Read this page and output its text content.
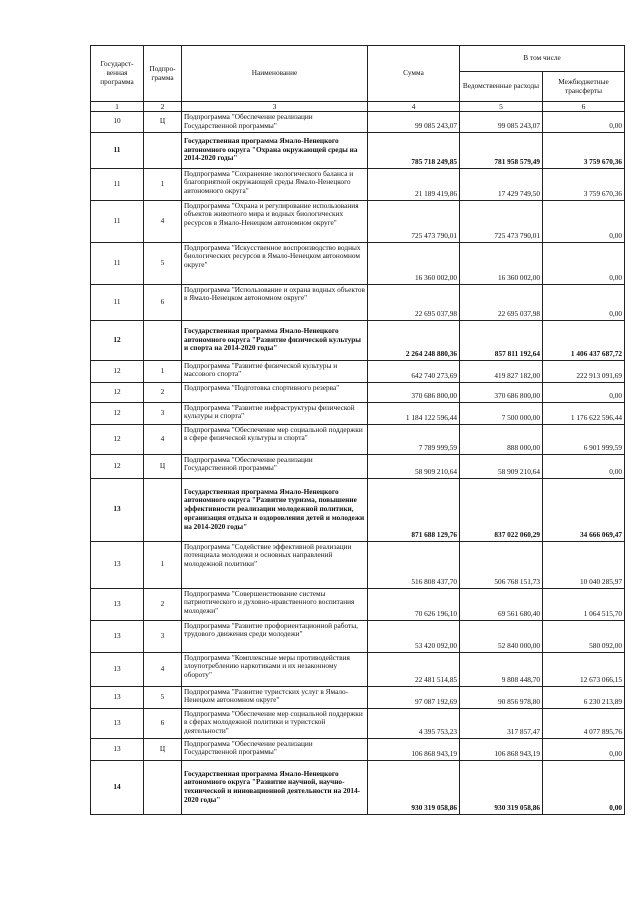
Государст-венная программа	Подпро-грамма	Наименование	Сумма	В том числе	
				Ведомственные расходы	Межбюджетные трансферты
1	2	3	4	5	6
10	Ц	Подпрограмма "Обеспечение реализации Государственной программы"	99 085 243,07	99 085 243,07	0,00
11		Государственная программа Ямало-Ненецкого автономного округа "Охрана окружающей среды на 2014-2020 годы"	785 718 249,85	781 958 579,49	3 759 670,36
11	1	Подпрограмма "Сохранение экологического баланса и благоприятной окружающей среды Ямало-Ненецкого автономного округа"	21 189 419,86	17 429 749,50	3 759 670,36
11	4	Подпрограмма "Охрана и регулирование использования объектов животного мира и водных биологических ресурсов в Ямало-Ненецком автономном округе"	725 473 790,01	725 473 790,01	0,00
11	5	Подпрограмма "Искусственное воспроизводство водных биологических ресурсов в Ямало-Ненецком автономном округе"	16 360 002,00	16 360 002,00	0,00
11	6	Подпрограмма "Использование и охрана водных объектов в Ямало-Ненецком автономном округе"	22 695 037,98	22 695 037,98	0,00
12		Государственная программа Ямало-Ненецкого автономного округа "Развитие физической культуры и спорта на 2014-2020 годы"	2 264 248 880,36	857 811 192,64	1 406 437 687,72
12	1	Подпрограмма "Развитие физической культуры и массового спорта"	642 740 273,69	419 827 182,00	222 913 091,69
12	2	Подпрограмма "Подготовка спортивного резерва"	370 686 800,00	370 686 800,00	0,00
12	3	Подпрограмма "Развитие инфраструктуры физической культуры и спорта"	1 184 122 596,44	7 500 000,00	1 176 622 596,44
12	4	Подпрограмма "Обеспечение мер социальной поддержки в сфере физической культуры и спорта"	7 789 999,59	888 000,00	6 901 999,59
12	Ц	Подпрограмма "Обеспечение реализации Государственной программы"	58 909 210,64	58 909 210,64	0,00
13		Государственная программа Ямало-Ненецкого автономного округа "Развитие туризма, повышение эффективности реализации молодежной политики, организация отдыха и оздоровления детей и молодежи на 2014-2020 годы"	871 688 129,76	837 022 060,29	34 666 069,47
13	1	Подпрограмма "Содействие эффективной реализации потенциала молодежи и основных направлений молодежной политики"	516 808 437,70	506 768 151,73	10 040 285,97
13	2	Подпрограмма "Совершенствование системы патриотического и духовно-нравственного воспитания молодежи"	70 626 196,10	69 561 680,40	1 064 515,70
13	3	Подпрограмма "Развитие профориентационной работы, трудового движения среди молодежи"	53 420 092,00	52 840 000,00	580 092,00
13	4	Подпрограмма "Комплексные меры противодействия злоупотреблению наркотиками и их незаконному обороту"	22 481 514,85	9 808 448,70	12 673 066,15
13	5	Подпрограмма "Развитие туристских услуг в Ямало-Ненецком автономном округе"	97 087 192,69	90 856 978,80	6 230 213,89
13	6	Подпрограмма "Обеспечение мер социальной поддержки в сферах молодежной политики и туристской деятельности"	4 395 753,23	317 857,47	4 077 895,76
13	Ц	Подпрограмма "Обеспечение реализации Государственной программы"	106 868 943,19	106 868 943,19	0,00
14		Государственная программа Ямало-Ненецкого автономного округа "Развитие научной, научно-технической и инновационной деятельности на 2014-2020 годы"	930 319 058,86	930 319 058,86	0,00
